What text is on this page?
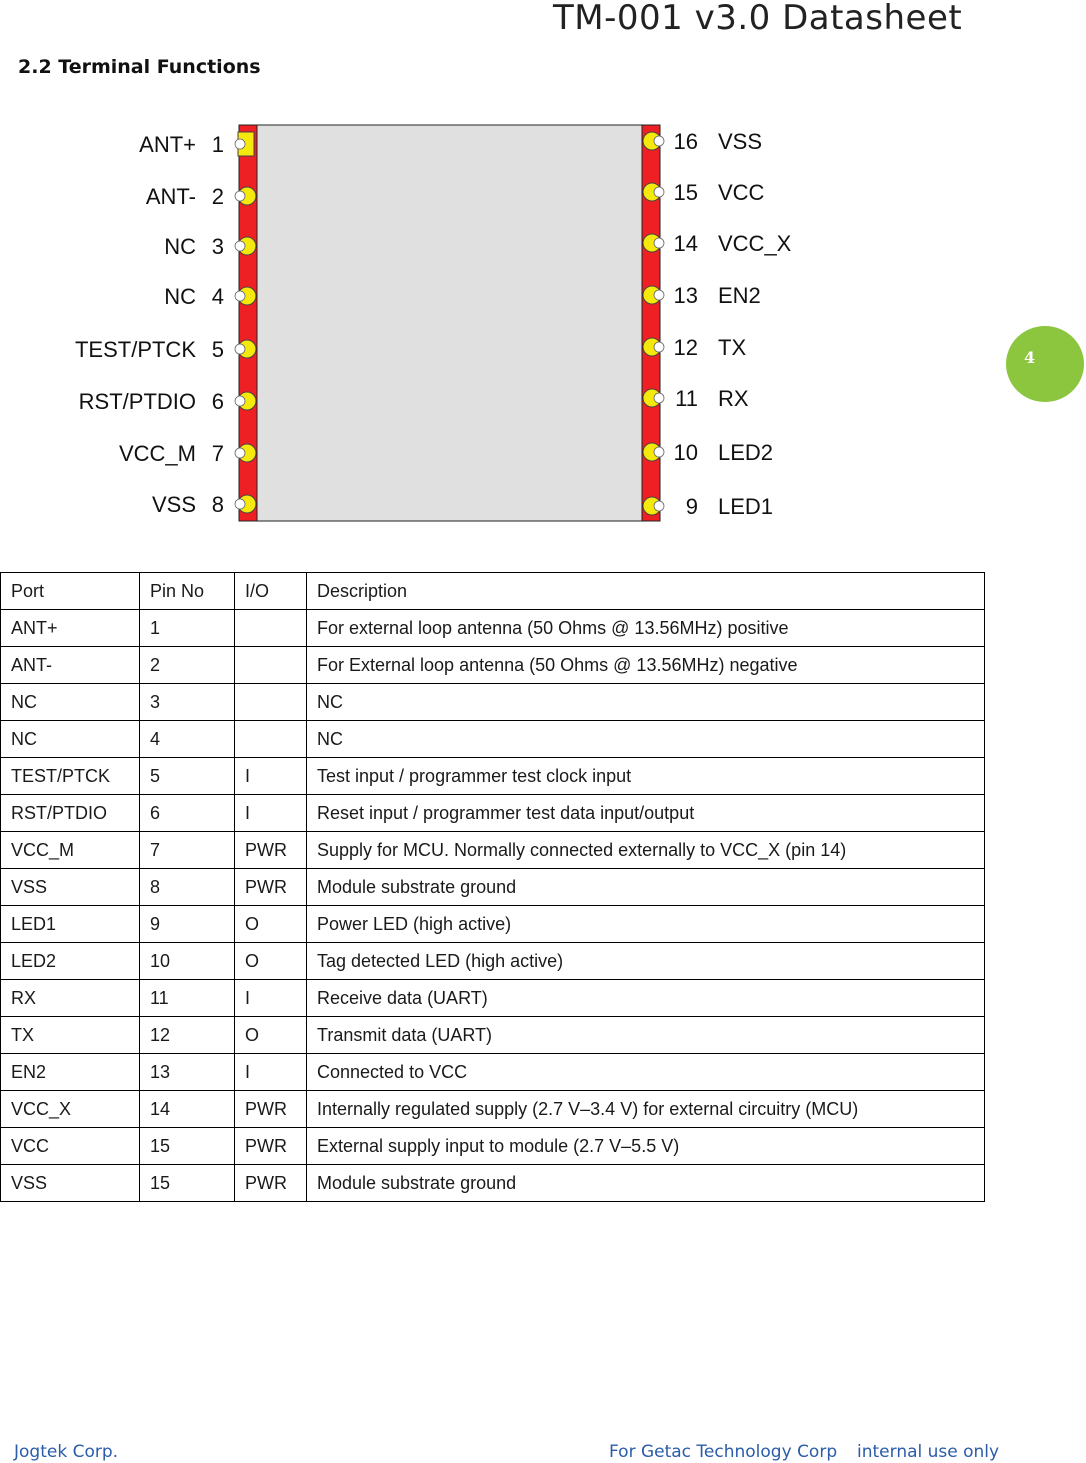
TM-001 v3.0 Datasheet
2.2 Terminal Functions
4
1
ANT+
2
ANT-
3
NC
4
NC
5
TEST/PTCK
6
RST/PTDIO
7
VCC_M
8
VSS
16 VSS
15 VCC
14 VCC_X
13 EN2
12 TX
11 RX
10 LED2
9 LED1
Port	Pin No	I/O	Description
ANT+	1		For external loop antenna (50 Ohms @ 13.56MHz) positive
ANT-	2		For External loop antenna (50 Ohms @ 13.56MHz) negative
NC	3		NC
NC	4		NC
TEST/PTCK	5	I	Test input / programmer test clock input
RST/PTDIO	6	I	Reset input / programmer test data input/output
VCC_M	7	PWR	Supply for MCU. Normally connected externally to VCC_X (pin 14)
VSS	8	PWR	Module substrate ground
LED1	9	O	Power LED (high active)
LED2	10	O	Tag detected LED (high active)
RX	11	I	Receive data (UART)
TX	12	O	Transmit data (UART)
EN2	13	I	Connected to VCC
VCC_X	14	PWR	Internally regulated supply (2.7 V–3.4 V) for external circuitry (MCU)
VCC	15	PWR	External supply input to module (2.7 V–5.5 V)
VSS	15	PWR	Module substrate ground
Jogtek Corp.	For Getac Technology Corp internal use only
